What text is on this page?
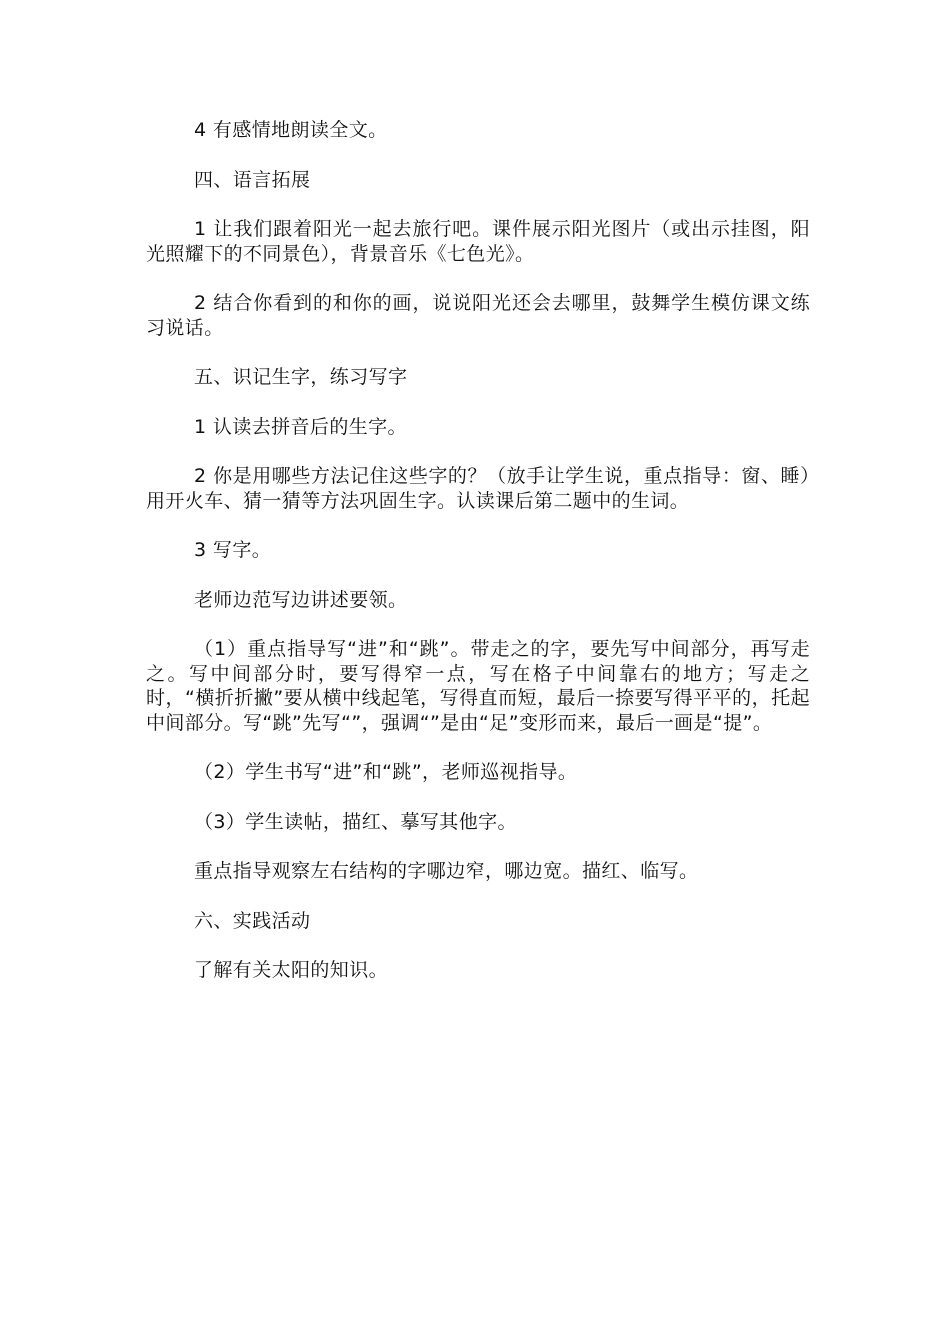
4 有感情地朗读全文。

四、语言拓展

1 让我们跟着阳光一起去旅行吧。课件展示阳光图片（或出示挂图，阳光照耀下的不同景色），背景音乐《七色光》。

2 结合你看到的和你的画，说说阳光还会去哪里，鼓舞学生模仿课文练习说话。

五、识记生字，练习写字

1 认读去拼音后的生字。

2 你是用哪些方法记住这些字的？（放手让学生说，重点指导：窗、睡）用开火车、猜一猜等方法巩固生字。认读课后第二题中的生词。

3 写字。

老师边范写边讲述要领。

（1）重点指导写“进”和“跳”。带走之的字，要先写中间部分，再写走之。写中间部分时，要写得窄一点，写在格子中间靠右的地方；写走之时，“横折折撇”要从横中线起笔，写得直而短，最后一捺要写得平平的，托起中间部分。写“跳”先写“”，强调“”是由“足”变形而来，最后一画是“提”。

（2）学生书写“进”和“跳”，老师巡视指导。

（3）学生读帖，描红、摹写其他字。

重点指导观察左右结构的字哪边窄，哪边宽。描红、临写。

六、实践活动

了解有关太阳的知识。
